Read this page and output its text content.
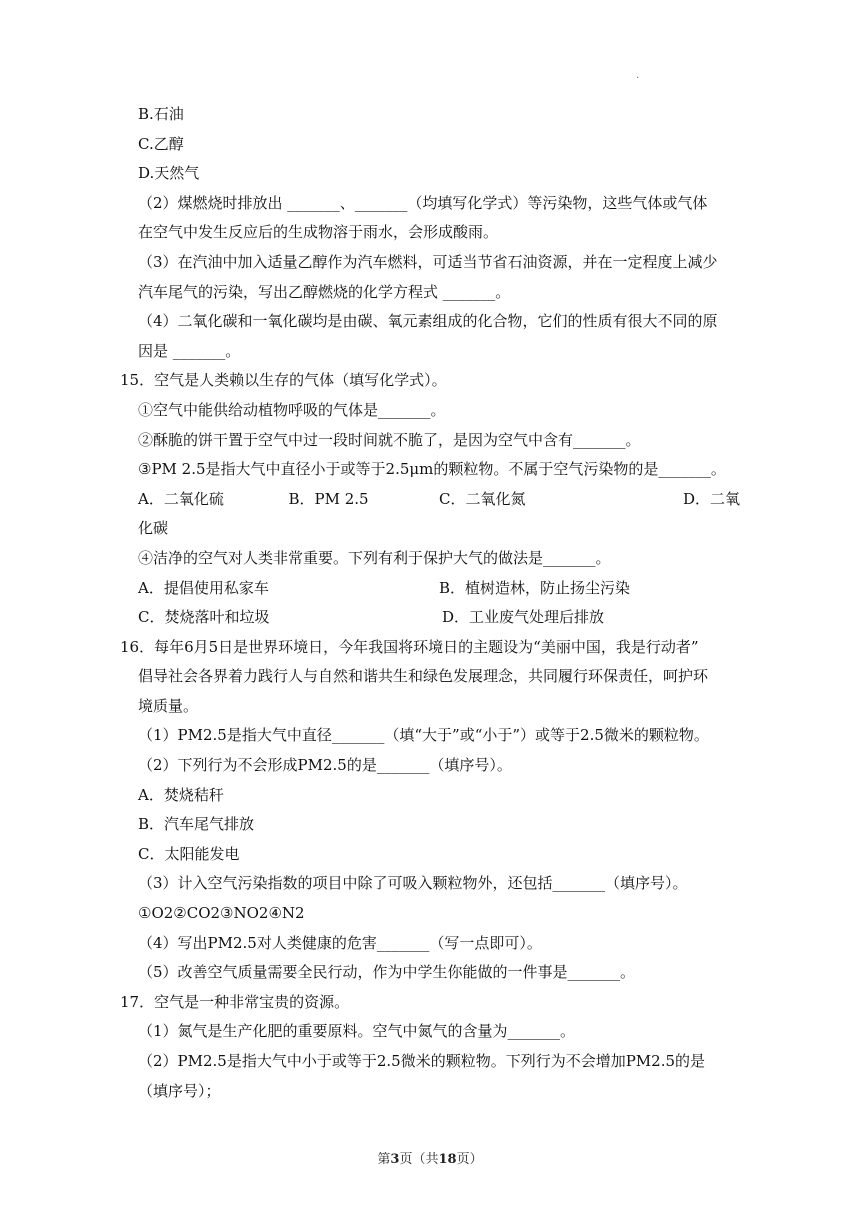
.
B.石油
C.乙醇
D.天然气
（2）煤燃烧时排放出 _______、_______（均填写化学式）等污染物，这些气体或气体
在空气中发生反应后的生成物溶于雨水，会形成酸雨。
（3）在汽油中加入适量乙醇作为汽车燃料，可适当节省石油资源，并在一定程度上减少
汽车尾气的污染，写出乙醇燃烧的化学方程式 _______。
（4）二氧化碳和一氧化碳均是由碳、氧元素组成的化合物，它们的性质有很大不同的原
因是 _______。
15．空气是人类赖以生存的气体（填写化学式）。
①空气中能供给动植物呼吸的气体是_______。
②酥脆的饼干置于空气中过一段时间就不脆了，是因为空气中含有_______。
③PM 2.5是指大气中直径小于或等于2.5μm的颗粒物。不属于空气污染物的是_______。
A．二氧化硫	B．PM 2.5	C．二氧化氮	D．二氧
化碳
④洁净的空气对人类非常重要。下列有利于保护大气的做法是_______。
A．提倡使用私家车	B．植树造林，防止扬尘污染
C．焚烧落叶和垃圾	D．工业废气处理后排放
16．每年6月5日是世界环境日，今年我国将环境日的主题设为“美丽中国，我是行动者”
倡导社会各界着力践行人与自然和谐共生和绿色发展理念，共同履行环保责任，呵护环
境质量。
（1）PM2.5是指大气中直径_______（填“大于”或“小于”）或等于2.5微米的颗粒物。
（2）下列行为不会形成PM2.5的是_______（填序号）。
A．焚烧秸秆
B．汽车尾气排放
C．太阳能发电
（3）计入空气污染指数的项目中除了可吸入颗粒物外，还包括_______（填序号）。
①O2②CO2③NO2④N2
（4）写出PM2.5对人类健康的危害_______（写一点即可）。
（5）改善空气质量需要全民行动，作为中学生你能做的一件事是_______。
17．空气是一种非常宝贵的资源。
（1）氮气是生产化肥的重要原料。空气中氮气的含量为_______。
（2）PM2.5是指大气中小于或等于2.5微米的颗粒物。下列行为不会增加PM2.5的是
（填序号）；
第3页（共18页）
